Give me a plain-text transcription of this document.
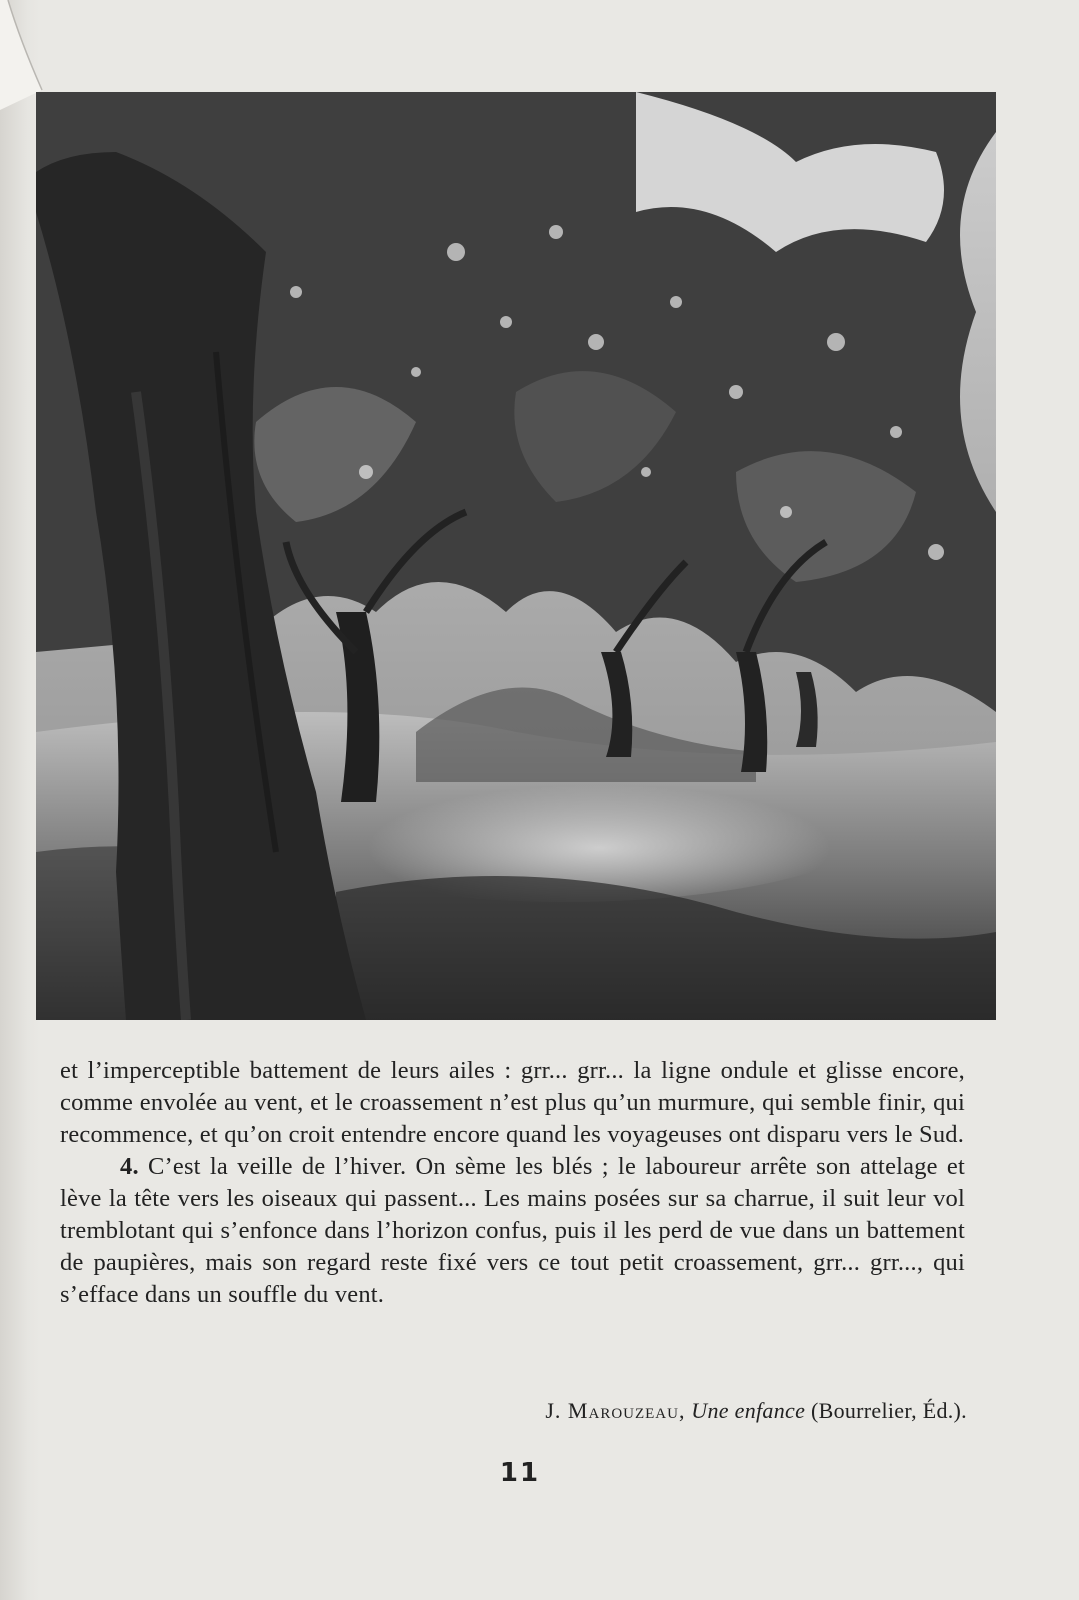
et l’imperceptible battement de leurs ailes : grr... grr... la ligne ondule et glisse encore, comme envolée au vent, et le croassement n’est plus qu’un murmure, qui semble finir, qui recommence, et qu’on croit entendre encore quand les voyageuses ont disparu vers le Sud.

4. C’est la veille de l’hiver. On sème les blés ; le laboureur arrête son attelage et lève la tête vers les oiseaux qui passent... Les mains posées sur sa charrue, il suit leur vol tremblotant qui s’enfonce dans l’horizon confus, puis il les perd de vue dans un battement de paupières, mais son regard reste fixé vers ce tout petit croassement, grr... grr..., qui s’efface dans un souffle du vent.

J. Marouzeau, Une enfance (Bourrelier, Éd.).
11
